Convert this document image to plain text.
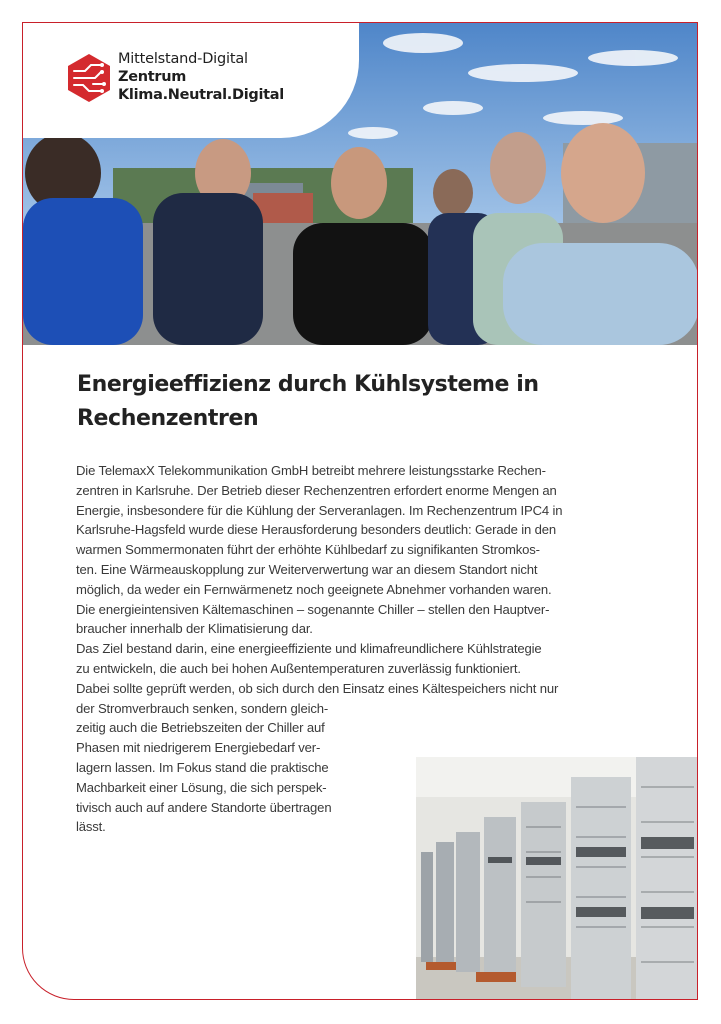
Mittelstand-Digital
Zentrum
Klima.Neutral.Digital
Energieeffizienz durch Kühlsysteme in Rechenzentren

Die TelemaxX Telekommunikation GmbH betreibt mehrere leistungsstarke Rechen-
zentren in Karlsruhe. Der Betrieb dieser Rechenzentren erfordert enorme Mengen an
Energie, insbesondere für die Kühlung der Serveranlagen. Im Rechenzentrum IPC4 in
Karlsruhe-Hagsfeld wurde diese Herausforderung besonders deutlich: Gerade in den
warmen Sommermonaten führt der erhöhte Kühlbedarf zu signifikanten Stromkos-
ten. Eine Wärmeauskopplung zur Weiterverwertung war an diesem Standort nicht
möglich, da weder ein Fernwärmenetz noch geeignete Abnehmer vorhanden waren.
Die energieintensiven Kältemaschinen – sogenannte Chiller – stellen den Hauptver-
braucher innerhalb der Klimatisierung dar.

Das Ziel bestand darin, eine energieeffiziente und klimafreundlichere Kühlstrategie
zu entwickeln, die auch bei hohen Außentemperaturen zuverlässig funktioniert.
Dabei sollte geprüft werden, ob sich durch den Einsatz eines Kältespeichers nicht nur
der Stromverbrauch senken, sondern gleich-
zeitig auch die Betriebszeiten der Chiller auf
Phasen mit niedrigerem Energiebedarf ver-
lagern lassen. Im Fokus stand die praktische
Machbarkeit einer Lösung, die sich perspek-
tivisch auch auf andere Standorte übertragen
lässt.
